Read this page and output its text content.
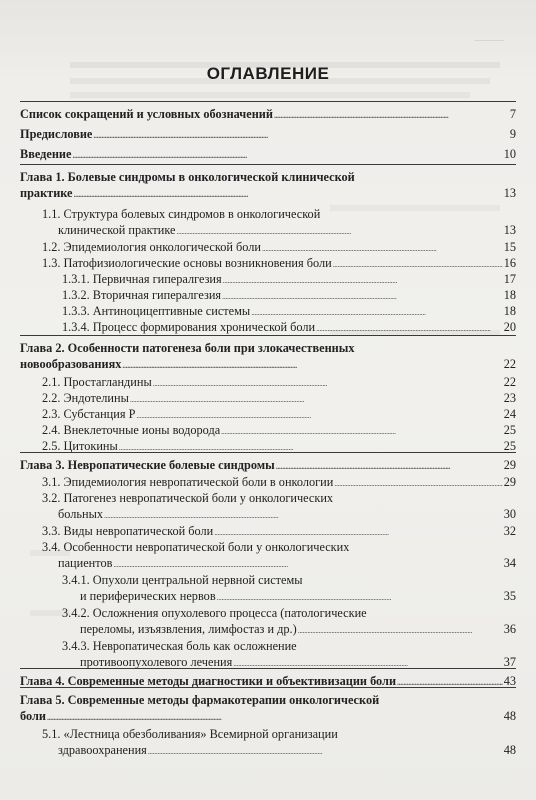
ОГЛАВЛЕНИЕ
Список сокращений и условных обозначений . . .	7
Предисловие . . .	9
Введение . . .	10
Глава 1. Болевые синдромы в онкологической клинической
практике . . .	13
1.1. Структура болевых синдромов в онкологической
клинической практике . . .	13
1.2. Эпидемиология онкологической боли . . .	15
1.3. Патофизиологические основы возникновения боли . . .	16
1.3.1. Первичная гипералгезия . . .	17
1.3.2. Вторичная гипералгезия . . .	18
1.3.3. Антиноцицептивные системы . . .	18
1.3.4. Процесс формирования хронической боли . . .	20
Глава 2. Особенности патогенеза боли при злокачественных
новообразованиях . . .	22
2.1. Простагландины . . .	22
2.2. Эндотелины . . .	23
2.3. Субстанция Р . . .	24
2.4. Внеклеточные ионы водорода . . .	25
2.5. Цитокины . . .	25
Глава 3. Невропатические болевые синдромы . . .	29
3.1. Эпидемиология невропатической боли в онкологии . . .	29
3.2. Патогенез невропатической боли у онкологических
больных . . .	30
3.3. Виды невропатической боли . . .	32
3.4. Особенности невропатической боли у онкологических
пациентов . . .	34
3.4.1. Опухоли центральной нервной системы
и периферических нервов . . .	35
3.4.2. Осложнения опухолевого процесса (патологические
переломы, изъязвления, лимфостаз и др.) . . .	36
3.4.3. Невропатическая боль как осложнение
противоопухолевого лечения . . .	37
Глава 4. Современные методы диагностики и объективизации боли . . .	43
Глава 5. Современные методы фармакотерапии онкологической
боли . . .	48
5.1. «Лестница обезболивания» Всемирной организации
здравоохранения . . .	48
